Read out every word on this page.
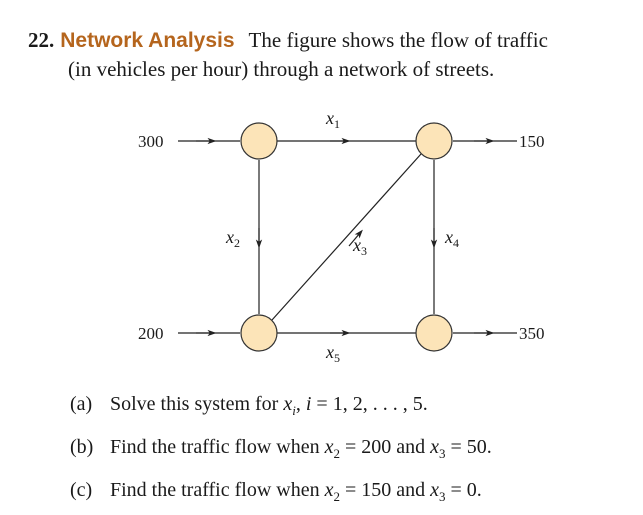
22. Network Analysis The figure shows the flow of traffic
(in vehicles per hour) through a network of streets.
300	150
200	350
$x_1$
$x_2$	$x_3$
$x_4$
$x_5$
(a) Solve this system for $x_i$, i = 1, 2, . . . , 5.
(b) Find the traffic flow when $x_2 = 200$ and $x_3 = 50$.
(c) Find the traffic flow when $x_2 = 150$ and $x_3 = 0$.
